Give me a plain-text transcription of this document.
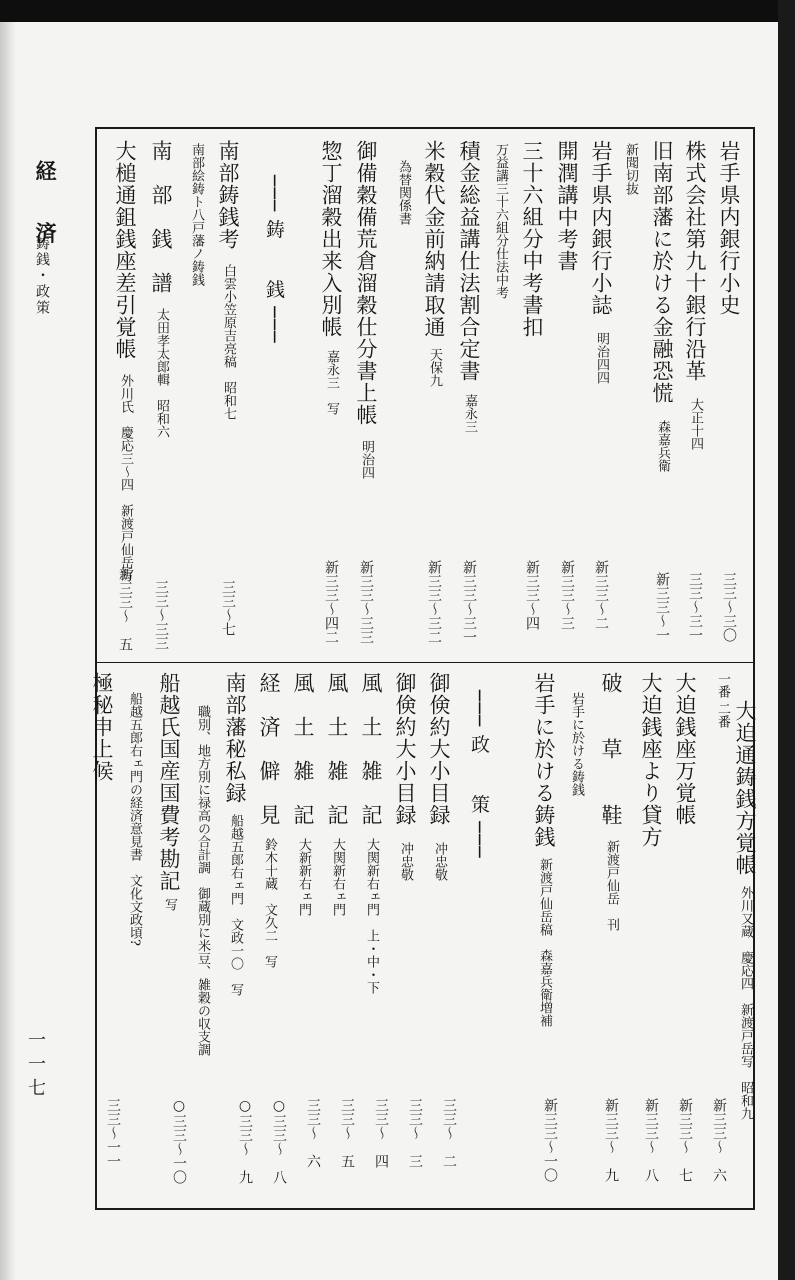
経　済
鋳銭・政策
一一七
岩手県内銀行小史
三三〜三〇
株式会社第九十銀行沿革大正十四
三三〜三一
旧南部藩に於ける金融恐慌森嘉兵衛
新三三〜一
新聞切抜
岩手県内銀行小誌明治四四
新三三〜二
開潤講中考書
新三三〜三
三十六組分中考書扣
新三三〜四
万益講三十六組分仕法中考
積金総益講仕法割合定書嘉永三
新三三〜三一
米穀代金前納請取通天保九
新三三〜三二
為替関係書
御備穀備荒倉溜穀仕分書上帳明治四
新三三〜三三
惣丁溜穀出来入別帳嘉永三　写
新三三〜四二
─── 鋳　　銭 ───
南部鋳銭考白雲小笠原吉亮稿　昭和七
三三〜七
南部絵鋳ト八戸藩ノ鋳銭
南　部　銭　譜太田孝太郎輯　昭和六
三三〜三三
大槌通鉏銭座差引覚帳外川氏　慶応三〜四　新渡戸仙岳写
新三三〜　五
一番 二番 大迫通鋳銭方覚帳外川又蔵　慶応四　新渡戸岳写　昭和九
新三三〜　六
大迫銭座万覚帳
新三三〜　七
大迫銭座より貸方
新三三〜　八
破　　草　　鞋新渡戸仙岳　刊
新三三〜　九
岩手に於ける鋳銭
岩手に於ける鋳銭新渡戸仙岳稿　森嘉兵衛増補
新三三〜一〇
─── 政　　策 ───
御倹約大小目録冲忠敬
三三〜　二
御倹約大小目録冲忠敬
三三〜　三
風　土　雑　記大関新右ェ門　上・中・下
三三〜　四
風　土　雑　記大関新右ェ門
三三〜　五
風　土　雑　記大新新右ェ門
三三〜　六
経　済　僻　見鈴木十蔵　文久二　写
○三三〜　八
南部藩秘私録船越五郎右ェ門　文政一〇　写
○三三〜　九
職別、地方別に禄高の合計調　御蔵別に米豆、雑穀の収支調
船越氏国産国費考勘記写
○三三〜一〇
船越五郎右ェ門の経済意見書　文化文政頃?
極秘申上候
三三〜一一
